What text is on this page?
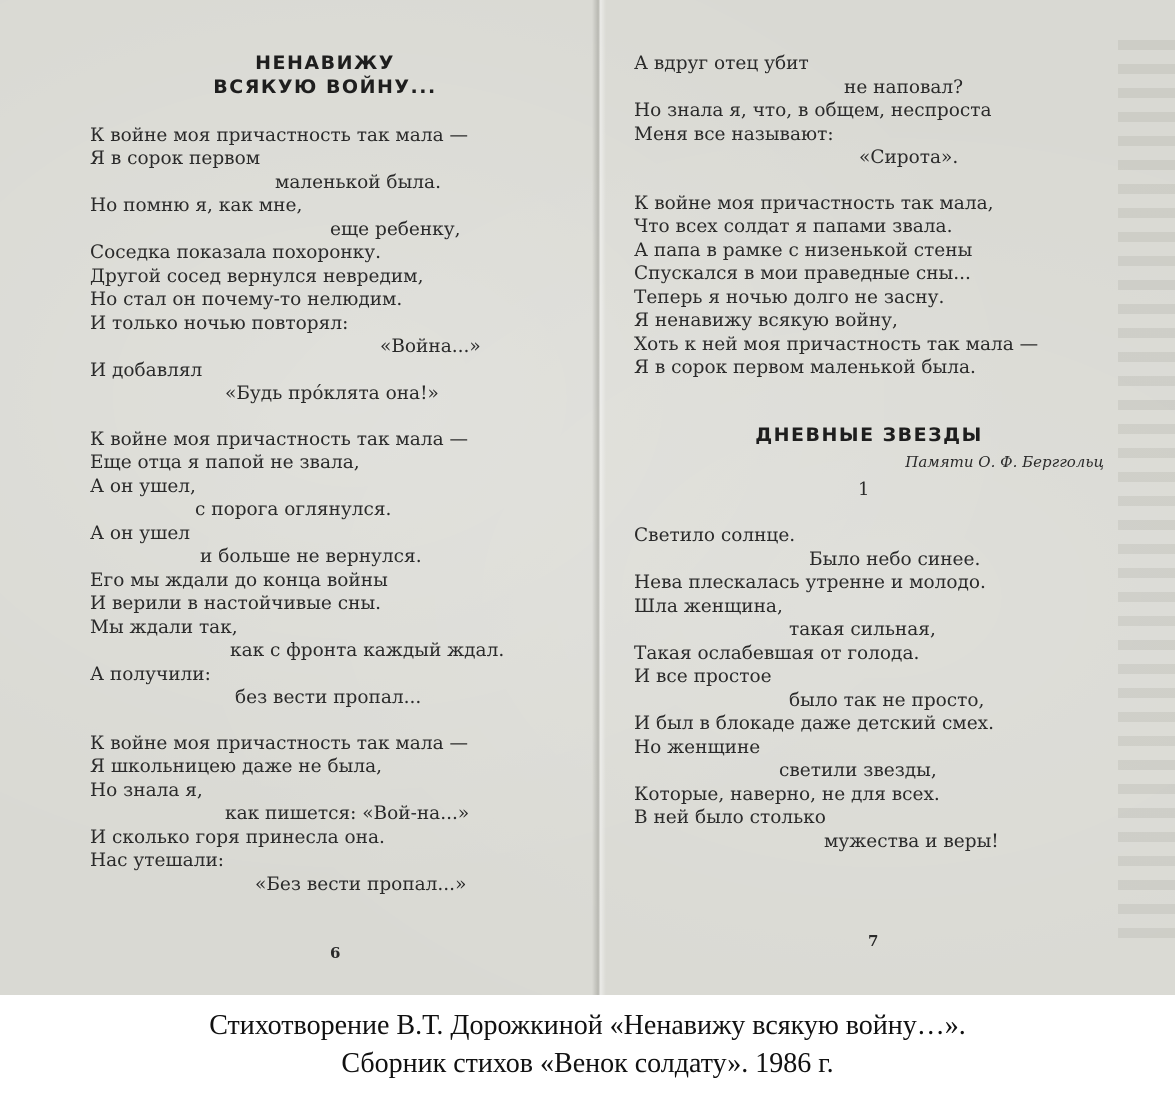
НЕНАВИЖУ
ВСЯКУЮ ВОЙНУ...
К войне моя причастность так мала —
Я в сорок первом
маленькой была.
Но помню я, как мне,
еще ребенку,
Соседка показала похоронку.
Другой сосед вернулся невредим,
Но стал он почему-то нелюдим.
И только ночью повторял:
«Война...»
И добавлял
«Будь прóклята она!»
К войне моя причастность так мала —
Еще отца я папой не звала,
А он ушел,
с порога оглянулся.
А он ушел
и больше не вернулся.
Его мы ждали до конца войны
И верили в настойчивые сны.
Мы ждали так,
как с фронта каждый ждал.
А получили:
без вести пропал...
К войне моя причастность так мала —
Я школьницею даже не была,
Но знала я,
как пишется: «Вой-на...»
И сколько горя принесла она.
Нас утешали:
«Без вести пропал...»
А вдруг отец убит
не наповал?
Но знала я, что, в общем, неспроста
Меня все называют:
«Сирота».
К войне моя причастность так мала,
Что всех солдат я папами звала.
А папа в рамке с низенькой стены
Спускался в мои праведные сны...
Теперь я ночью долго не засну.
Я ненавижу всякую войну,
Хоть к ней моя причастность так мала —
Я в сорок первом маленькой была.
ДНЕВНЫЕ ЗВЕЗДЫ
Памяти О. Ф. Берггольц
1
Светило солнце.
Было небо синее.
Нева плескалась утренне и молодо.
Шла женщина,
такая сильная,
Такая ослабевшая от голода.
И все простое
было так не просто,
И был в блокаде даже детский смех.
Но женщине
светили звезды,
Которые, наверно, не для всех.
В ней было столько
мужества и веры!
6
7
Стихотворение В.Т. Дорожкиной «Ненавижу всякую войну…».
Сборник стихов «Венок солдату». 1986 г.
